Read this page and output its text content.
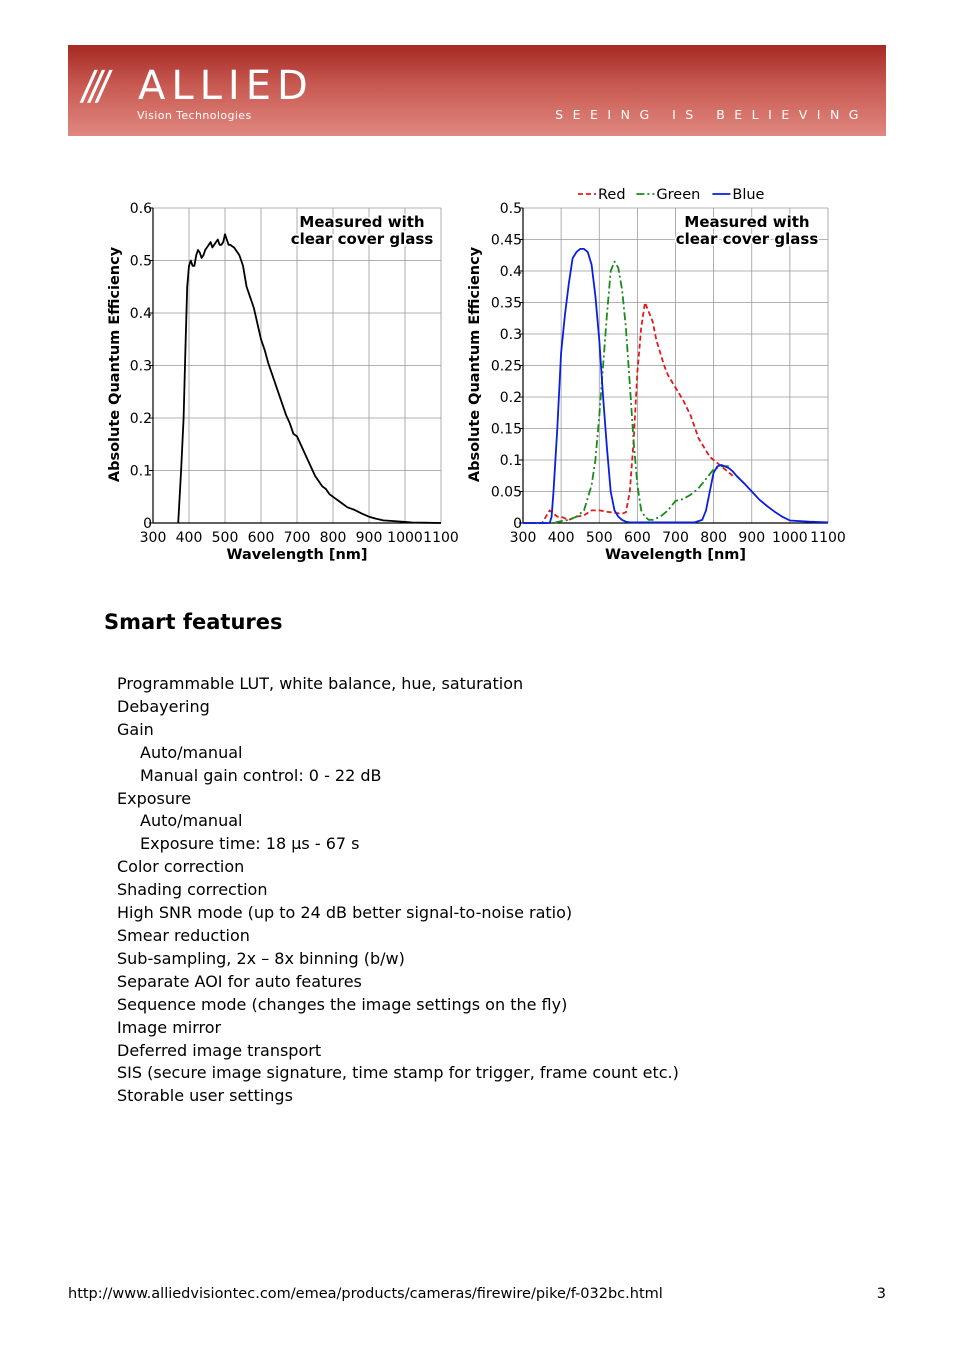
/// ALLIED
Vision Technologies	SEEING IS BELIEVING
300 400 500 600 700 800 900 1000 1100
0
0.1
0.2
0.3
0.4
0.5
0.6
Wavelength [nm]
Absolute Quantum Efficiency
Measured with
clear cover glass
300 400 500 600 700 800 900 1000 1100
0
0.05
0.1
0.15
0.2
0.25
0.3
0.35
0.4
0.45
0.5
Wavelength [nm]
Absolute Quantum Efficiency
Measured with
clear cover glass
Red Green Blue
Smart features
Programmable LUT, white balance, hue, saturation
Debayering
Gain
Auto/manual
Manual gain control: 0 - 22 dB
Exposure
Auto/manual
Exposure time: 18 µs - 67 s
Color correction
Shading correction
High SNR mode (up to 24 dB better signal-to-noise ratio)
Smear reduction
Sub-sampling, 2x – 8x binning (b/w)
Separate AOI for auto features
Sequence mode (changes the image settings on the fly)
Image mirror
Deferred image transport
SIS (secure image signature, time stamp for trigger, frame count etc.)
Storable user settings
http://www.alliedvisiontec.com/emea/products/cameras/firewire/pike/f-032bc.html	3
